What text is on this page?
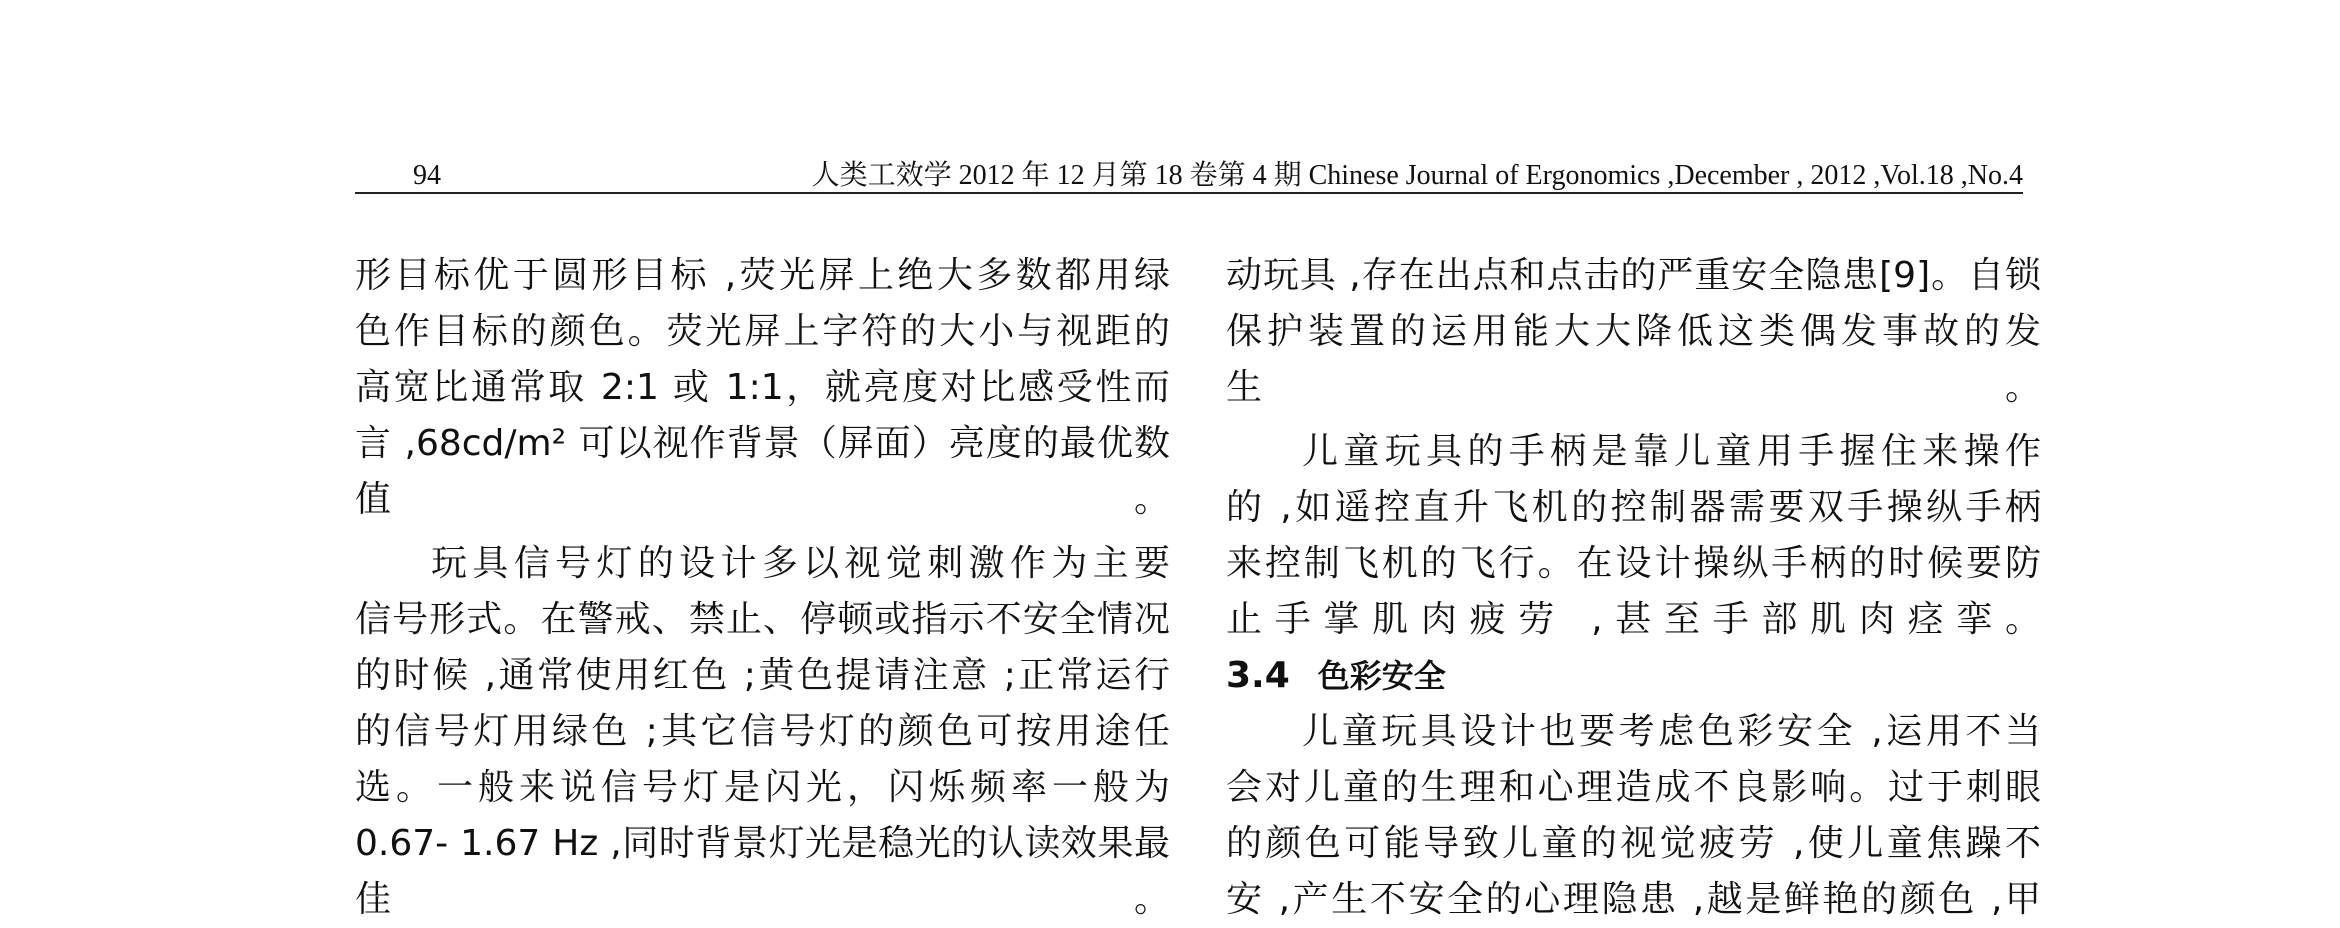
94	人类工效学 2012 年 12 月第 18 卷第 4 期 Chinese Journal of Ergonomics ,December , 2012 ,Vol.18 ,No.4

形目标优于圆形目标 ,荧光屏上绝大多数都用绿
色作目标的颜色。荧光屏上字符的大小与视距的
高宽比通常取 2:1 或 1:1，就亮度对比感受性而
言 ,68cd/m² 可以视作背景（屏面）亮度的最优数
值。

玩具信号灯的设计多以视觉刺激作为主要
信号形式。在警戒、禁止、停顿或指示不安全情况
的时候 ,通常使用红色 ;黄色提请注意 ;正常运行
的信号灯用绿色 ;其它信号灯的颜色可按用途任
选。一般来说信号灯是闪光，闪烁频率一般为
0.67- 1.67 Hz ,同时背景灯光是稳光的认读效果最
佳。

动玩具 ,存在出点和点击的严重安全隐患[9]。自锁
保护装置的运用能大大降低这类偶发事故的发
生。

儿童玩具的手柄是靠儿童用手握住来操作
的 ,如遥控直升飞机的控制器需要双手操纵手柄
来控制飞机的飞行。在设计操纵手柄的时候要防
止手掌肌肉疲劳 ,甚至手部肌肉痉挛。

3.4 色彩安全

儿童玩具设计也要考虑色彩安全 ,运用不当
会对儿童的生理和心理造成不良影响。过于刺眼
的颜色可能导致儿童的视觉疲劳 ,使儿童焦躁不
安 ,产生不安全的心理隐患 ,越是鲜艳的颜色 ,甲
